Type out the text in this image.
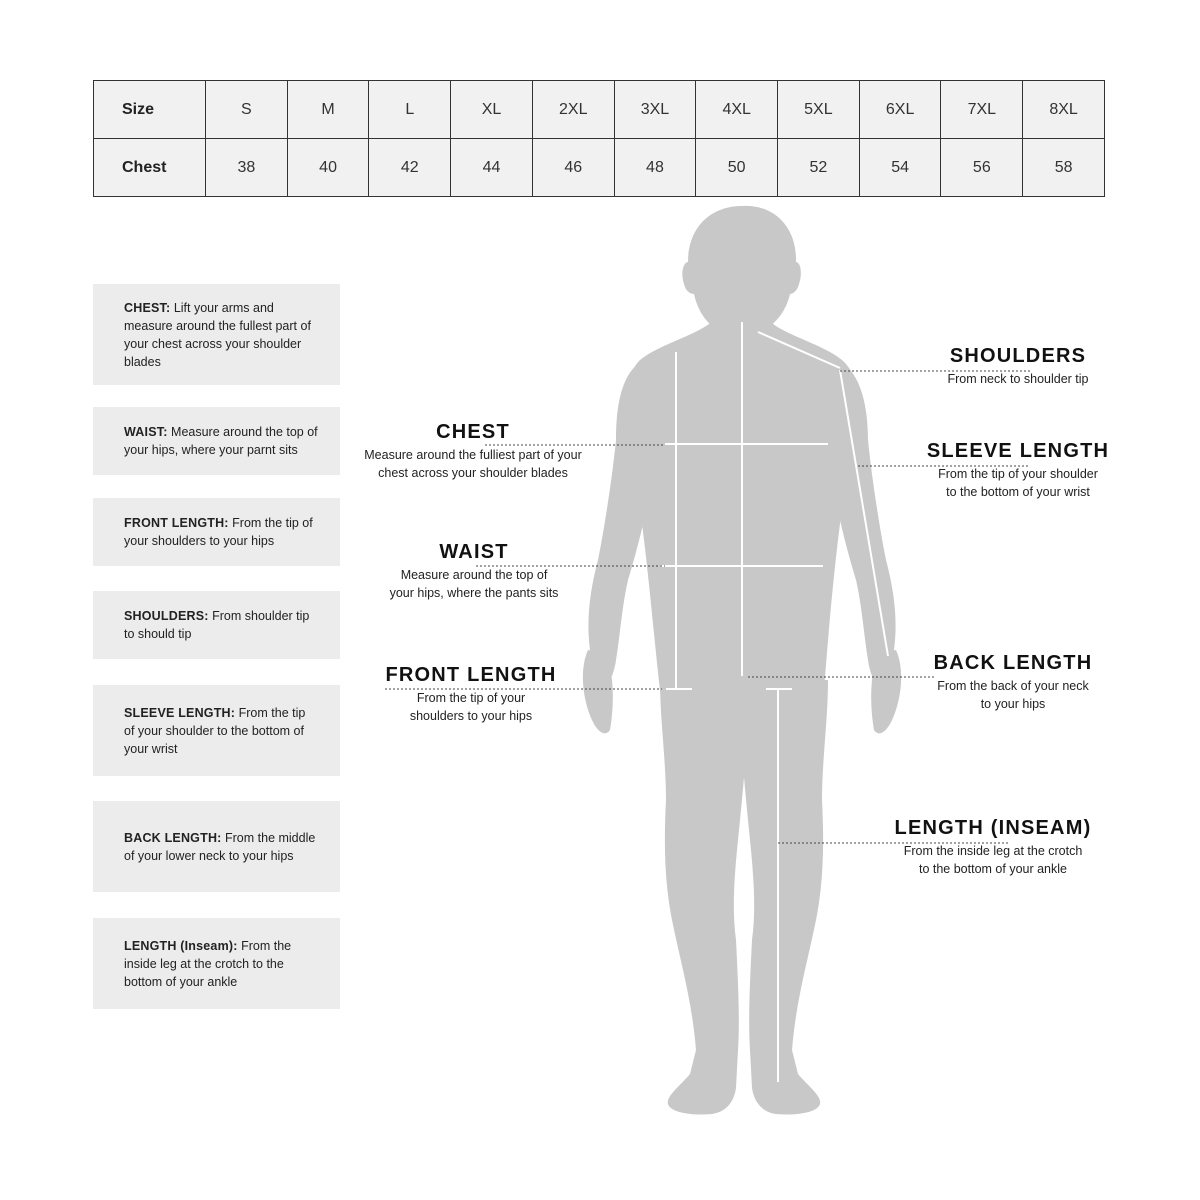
Size	S	M	L	XL	2XL	3XL	4XL	5XL	6XL	7XL	8XL
Chest	38	40	42	44	46	48	50	52	54	56	58

CHEST: Lift your arms and measure around the fullest part of your chest across your shoulder blades

WAIST: Measure around the top of your hips, where your parnt sits

FRONT LENGTH: From the tip of your shoulders to your hips

SHOULDERS: From shoulder tip to should tip

SLEEVE LENGTH: From the tip of your shoulder to the bottom of your wrist

BACK LENGTH: From the middle of your lower neck to your hips

LENGTH (Inseam): From the inside leg at the crotch to the bottom of your ankle

SHOULDERS
From neck to shoulder tip
CHEST
Measure around the fulliest part of your
chest across your shoulder blades
SLEEVE LENGTH
From the tip of your shoulder
to the bottom of your wrist
WAIST
Measure around the top of
your hips, where the pants sits
FRONT LENGTH
From the tip of your
shoulders to your hips
BACK LENGTH
From the back of your neck
to your hips
LENGTH (INSEAM)
From the inside leg at the crotch
to the bottom of your ankle
